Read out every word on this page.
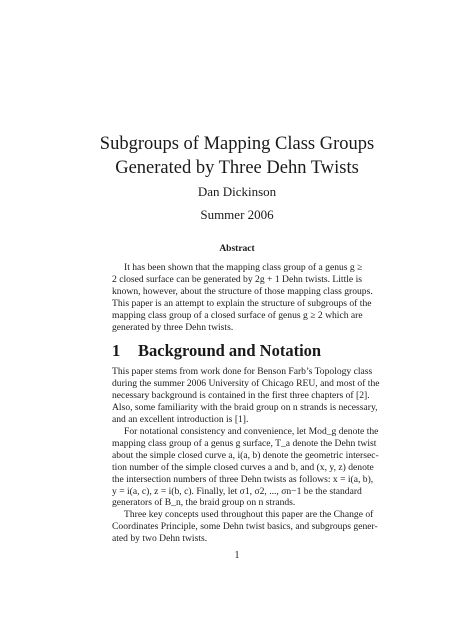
Subgroups of Mapping Class Groups
Generated by Three Dehn Twists
Dan Dickinson
Summer 2006
Abstract
It has been shown that the mapping class group of a genus g ≥
2 closed surface can be generated by 2g + 1 Dehn twists. Little is
known, however, about the structure of those mapping class groups.
This paper is an attempt to explain the structure of subgroups of the
mapping class group of a closed surface of genus g ≥ 2 which are
generated by three Dehn twists.
1 Background and Notation
This paper stems from work done for Benson Farb’s Topology class
during the summer 2006 University of Chicago REU, and most of the
necessary background is contained in the first three chapters of [2].
Also, some familiarity with the braid group on n strands is necessary,
and an excellent introduction is [1].
For notational consistency and convenience, let Mod_g denote the
mapping class group of a genus g surface, T_a denote the Dehn twist
about the simple closed curve a, i(a, b) denote the geometric intersec-
tion number of the simple closed curves a and b, and (x, y, z) denote
the intersection numbers of three Dehn twists as follows: x = i(a, b),
y = i(a, c), z = i(b, c). Finally, let σ1, σ2, ..., σn−1 be the standard
generators of B_n, the braid group on n strands.
Three key concepts used throughout this paper are the Change of
Coordinates Principle, some Dehn twist basics, and subgroups gener-
ated by two Dehn twists.
1
